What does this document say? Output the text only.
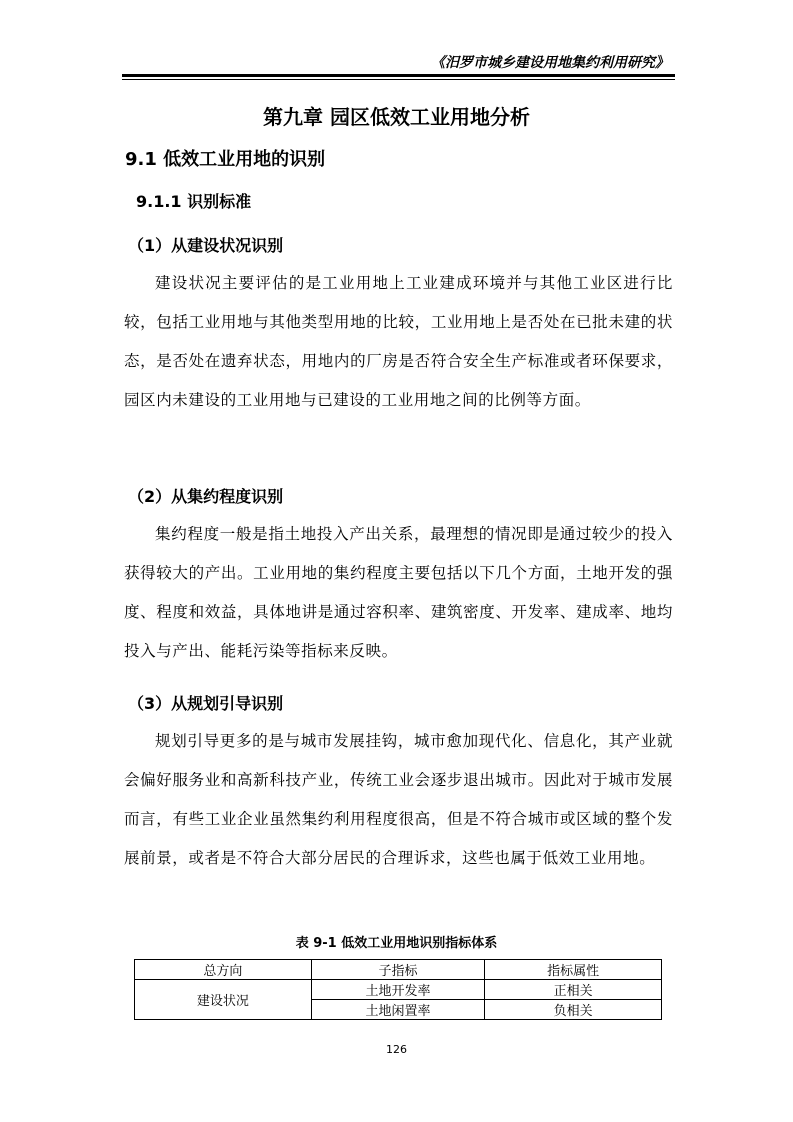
《汨罗市城乡建设用地集约利用研究》
第九章 园区低效工业用地分析
9.1 低效工业用地的识别
9.1.1 识别标准
（1）从建设状况识别
建设状况主要评估的是工业用地上工业建成环境并与其他工业区进行比较，包括工业用地与其他类型用地的比较，工业用地上是否处在已批未建的状态，是否处在遗弃状态，用地内的厂房是否符合安全生产标准或者环保要求，园区内未建设的工业用地与已建设的工业用地之间的比例等方面。
（2）从集约程度识别
集约程度一般是指土地投入产出关系，最理想的情况即是通过较少的投入获得较大的产出。工业用地的集约程度主要包括以下几个方面，土地开发的强度、程度和效益，具体地讲是通过容积率、建筑密度、开发率、建成率、地均投入与产出、能耗污染等指标来反映。
（3）从规划引导识别
规划引导更多的是与城市发展挂钩，城市愈加现代化、信息化，其产业就会偏好服务业和高新科技产业，传统工业会逐步退出城市。因此对于城市发展而言，有些工业企业虽然集约利用程度很高，但是不符合城市或区域的整个发展前景，或者是不符合大部分居民的合理诉求，这些也属于低效工业用地。
表 9-1 低效工业用地识别指标体系
总方向	子指标	指标属性
建设状况	土地开发率	正相关
	土地闲置率	负相关
126
